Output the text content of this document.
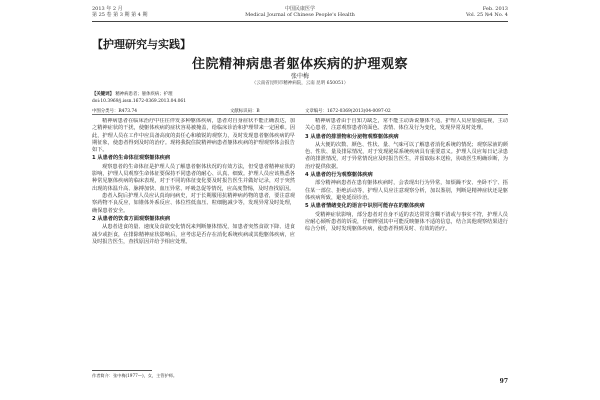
2013 年 2 月
第 25 卷 第 3 期 第 4 期
中国民康医学
Medical Journal of Chinese People's Health
Feb. 2013
Vol. 25 №4 No. 4
【护理研究与实践】
住院精神病患者躯体疾病的护理观察
张中梅
（云南省昆明市精神病院，云南 昆明 650051）
【关键词】 精神病患者；躯体疾病；护理
doi:10.3969/j.issn.1672-0369.2013.04.061
中图分类号：R473.74	文献标识码：B	文章编号：1672-0369(2013)04-0097-02

精神病患者在临床治疗中往往伴发多种躯体疾病，患者对自身症状不能正确表达，加之精神症状的干扰，使躯体疾病的症状容易被掩盖，给临床诊治和护理带来一定困难。因此，护理人员在工作中应具备高度的责任心和敏锐的观察力，及时发现患者躯体疾病的早期征象，使患者得到及时的治疗。现将我院住院精神病患者躯体疾病的护理观察体会报告如下。

1 从患者的生命体征观察躯体疾病

观察患者的生命体征是护理人员了解患者躯体状况的有效方法，但受患者精神症状的影响，护理人员观察生命体征要保持不同患者的耐心、认真、细致。护理人员应该熟悉各种常见躯体疾病的临床表现，对于不同的体征变化要及时报告医生并做好记录，对于突然出现的体温升高、脉搏加快、血压异常、呼吸急促等情况，应高度警惕，及时查找原因。

患者入院后护理人员应认真询问病史，对于长期服用抗精神病药物的患者，要注意观察药物不良反应，如锥体外系反应、体位性低血压、粒细胞减少等，发现异常及时处理，确保患者安全。

2 从患者的饮食方面观察躯体疾病

从患者进食的量、速度及食欲变化情况来判断躯体情况，如患者突然食欲下降、进食减少或拒食，在排除精神症状影响后，应考虑是否存在消化系统疾病或其他躯体疾病，应及时报告医生，查找原因并给予相应处理。

精神病患者由于自知力缺乏，常不能主动诉说躯体不适，护理人员应加强巡视，主动关心患者，注意观察患者的面色、表情、体位及行为变化，发现异常及时处理。

3 从患者的排泄物和分泌物观察躯体疾病

从大便的次数、颜色、性状、量、气味可以了解患者消化系统的情况；观察尿液的颜色、性状、量及排尿情况，对于发现泌尿系统疾病具有重要意义。护理人员应每日记录患者的排泄情况，对于异常情况应及时报告医生，并留取标本送检，协助医生明确诊断，为治疗提供依据。

4 从患者的行为观察躯体疾病

部分精神病患者在患有躯体疾病时，会表现出行为异常，如烦躁不安、坐卧不宁、捂住某一部位、拒绝活动等，护理人员应注意观察分析，加以鉴别，判断是精神症状还是躯体疾病所致，避免延误诊治。

5 从患者情绪变化的语言中识别可能存在的躯体疾病

受精神症状影响，部分患者对自身不适的表达常常含糊不清或与事实不符，护理人员应耐心倾听患者的诉说，仔细辨别其中可能反映躯体不适的信息，结合其他观察结果进行综合分析，及时发现躯体疾病，使患者得到及时、有效的治疗。

作者简介：张中梅(1977—)，女，主管护师。
97
